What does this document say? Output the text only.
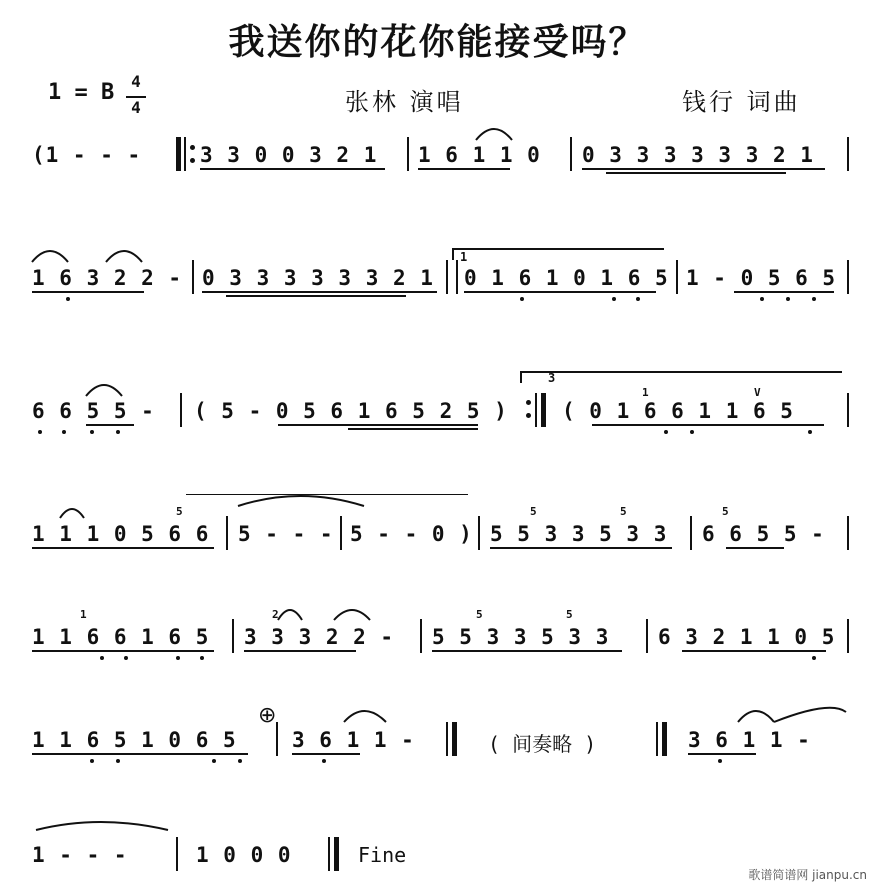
我送你的花你能接受吗？
1 = B	4
4	张林 演唱	钱行 词曲
(1 - - -	3 3 0 0 3 2 1 1 6 1 1 0 0 3 3 3 3 3 3 2 1
1 6 3 2 2 - 0 3 3 3 3 3 3 2 1
1
0 1 6 1 0 1 6 5 1 - 0 5 6 5
6 6 5 5 - ( 5 - 0 5 6 1 6 5 2 5 )
3
( 0 1 6 6 1 1 6 5
1	V
1 1 1 0 5 6 6
5
5 - - - 5 - - 0 ) 5 5 3 3 5 3 3
5	5
6 6 5 5 -
5
1 1 6 6 1 6 5
1
3 3 3 2 2 -
2
5 5 3 3 5 3 3
5	5
6 3 2 1 1 0 5
1 1 6 5 1 0 6 5
⊕
3 6 1 1 -	( 间奏略 )	3 6 1 1 -
1 - - -	1 0 0 0	Fine
歌谱简谱网 jianpu.cn
